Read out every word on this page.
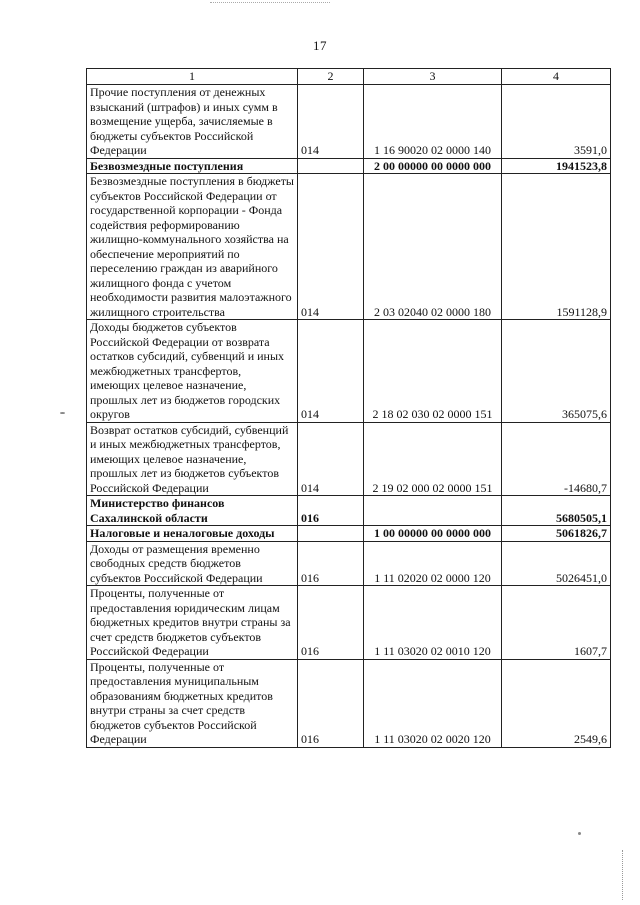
17
1	2	3	4
Прочие поступления от денежных взысканий (штрафов) и иных сумм в возмещение ущерба, зачисляемые в бюджеты субъектов Российской Федерации	014	1 16 90020 02 0000 140	3591,0
Безвозмездные поступления		2 00 00000 00 0000 000	1941523,8
Безвозмездные поступления в бюджеты субъектов Российской Федерации от государственной корпорации - Фонда содействия реформированию жилищно-коммунального хозяйства на обеспечение мероприятий по переселению граждан из аварийного жилищного фонда с учетом необходимости развития малоэтажного жилищного строительства	014	2 03 02040 02 0000 180	1591128,9
Доходы бюджетов субъектов Российской Федерации от возврата остатков субсидий, субвенций и иных межбюджетных трансфертов, имеющих целевое назначение, прошлых лет из бюджетов городских округов	014	2 18 02 030 02 0000 151	365075,6
Возврат остатков субсидий, субвенций и иных межбюджетных трансфертов, имеющих целевое назначение, прошлых лет из бюджетов субъектов Российской Федерации	014	2 19 02 000 02 0000 151	-14680,7
Министерство финансов Сахалинской области	016		5680505,1
Налоговые и неналоговые доходы		1 00 00000 00 0000 000	5061826,7
Доходы от размещения временно свободных средств бюджетов субъектов Российской Федерации	016	1 11 02020 02 0000 120	5026451,0
Проценты, полученные от предоставления юридическим лицам бюджетных кредитов внутри страны за счет средств бюджетов субъектов Российской Федерации	016	1 11 03020 02 0010 120	1607,7
Проценты, полученные от предоставления муниципальным образованиям бюджетных кредитов внутри страны за счет средств бюджетов субъектов Российской Федерации	016	1 11 03020 02 0020 120	2549,6
